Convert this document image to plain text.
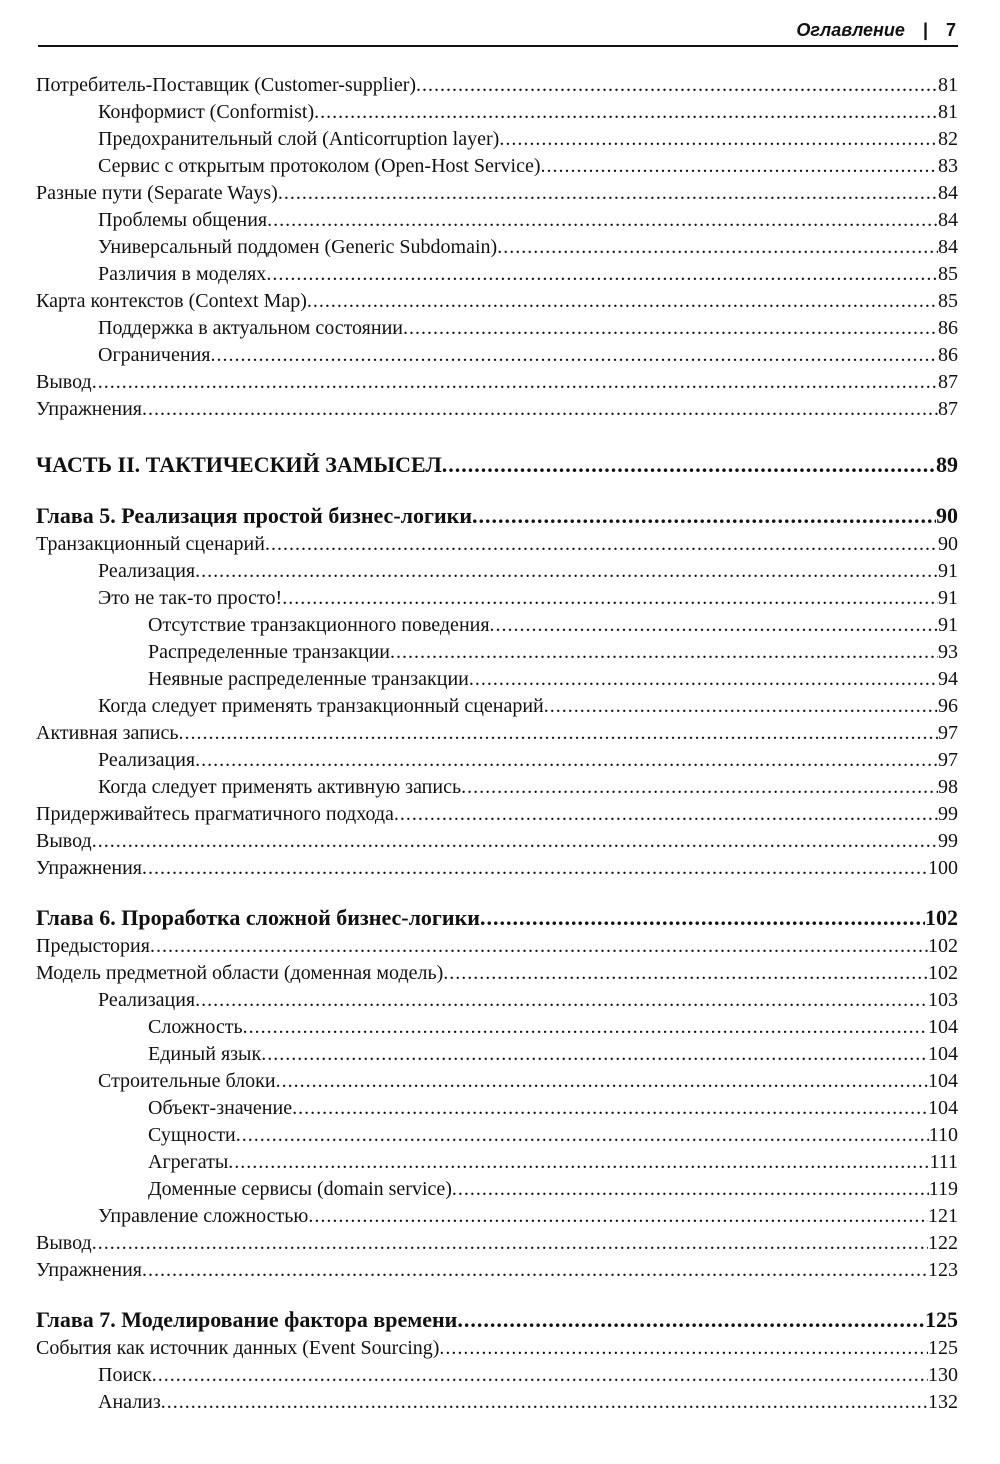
Оглавление | 7
Потребитель-Поставщик (Customer-supplier) .....	81
Конформист (Conformist) .....	81
Предохранительный слой (Anticorruption layer) .....	82
Сервис с открытым протоколом (Open-Host Service) .....	83
Разные пути (Separate Ways) .....	84
Проблемы общения .....	84
Универсальный поддомен (Generic Subdomain) .....	84
Различия в моделях .....	85
Карта контекстов (Context Map) .....	85
Поддержка в актуальном состоянии .....	86
Ограничения .....	86
Вывод .....	87
Упражнения .....	87
ЧАСТЬ II. ТАКТИЧЕСКИЙ ЗАМЫСЕЛ .....	89
Глава 5. Реализация простой бизнес-логики .....	90
Транзакционный сценарий .....	90
Реализация .....	91
Это не так-то просто! .....	91
Отсутствие транзакционного поведения .....	91
Распределенные транзакции .....	93
Неявные распределенные транзакции .....	94
Когда следует применять транзакционный сценарий .....	96
Активная запись .....	97
Реализация .....	97
Когда следует применять активную запись .....	98
Придерживайтесь прагматичного подхода .....	99
Вывод .....	99
Упражнения .....	100
Глава 6. Проработка сложной бизнес-логики .....	102
Предыстория .....	102
Модель предметной области (доменная модель) .....	102
Реализация .....	103
Сложность .....	104
Единый язык .....	104
Строительные блоки .....	104
Объект-значение .....	104
Сущности .....	110
Агрегаты .....	111
Доменные сервисы (domain service) .....	119
Управление сложностью .....	121
Вывод .....	122
Упражнения .....	123
Глава 7. Моделирование фактора времени .....	125
События как источник данных (Event Sourcing) .....	125
Поиск .....	130
Анализ .....	132
